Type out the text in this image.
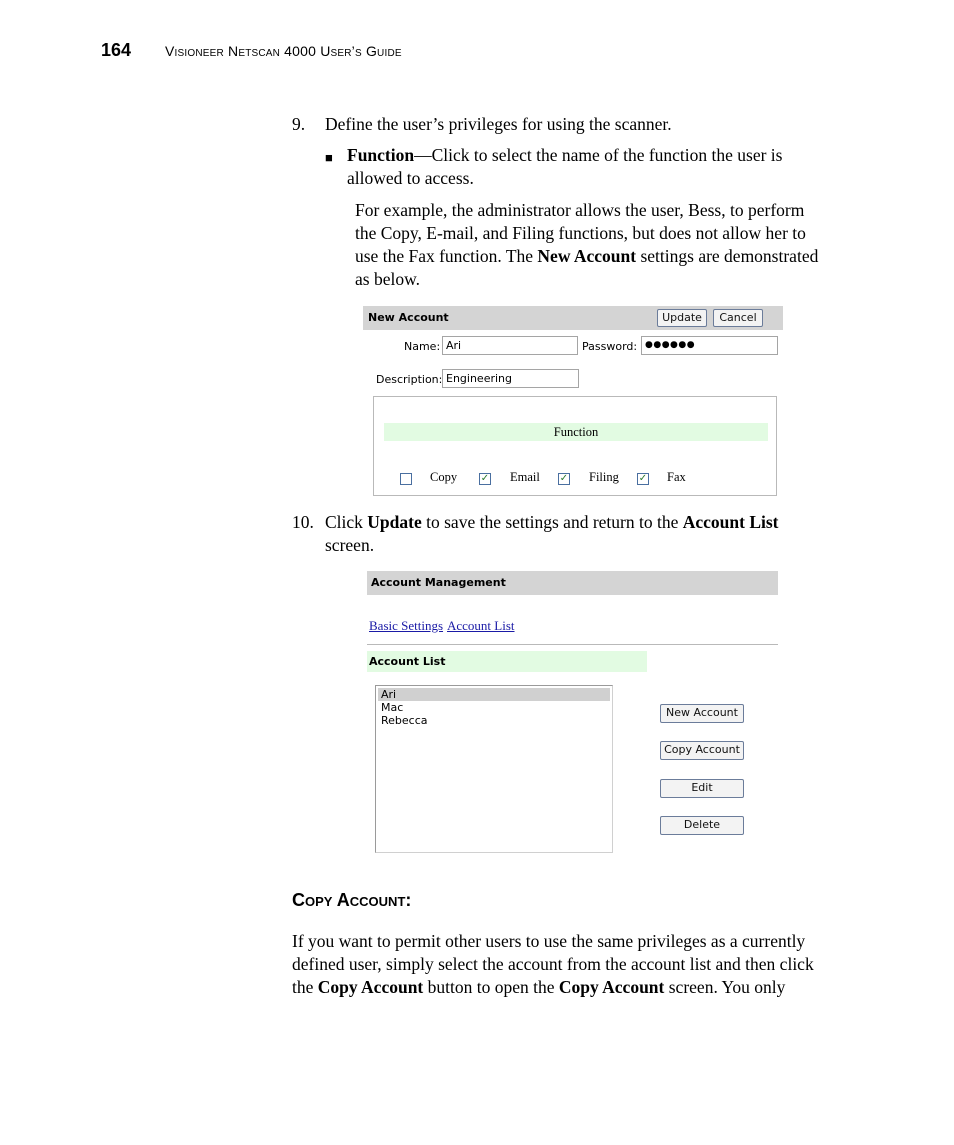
164 Visioneer Netscan 4000 User’s Guide
9. Define the user’s privileges for using the scanner.
■ Function—Click to select the name of the function the user is
allowed to access.
For example, the administrator allows the user, Bess, to perform
the Copy, E-mail, and Filing functions, but does not allow her to
use the Fax function. The New Account settings are demonstrated
as below.
New Account	Update	Cancel
Name: Ari	Password: ●●●●●●
Description: Engineering
Function
Copy ✓ Email ✓ Filing ✓ Fax
10. Click Update to save the settings and return to the Account List
screen.
Account Management
Basic Settings Account List
Account List
Ari
Mac
Rebecca
New Account
Copy Account
Edit
Delete
Copy Account:
If you want to permit other users to use the same privileges as a currently
defined user, simply select the account from the account list and then click
the Copy Account button to open the Copy Account screen. You only
